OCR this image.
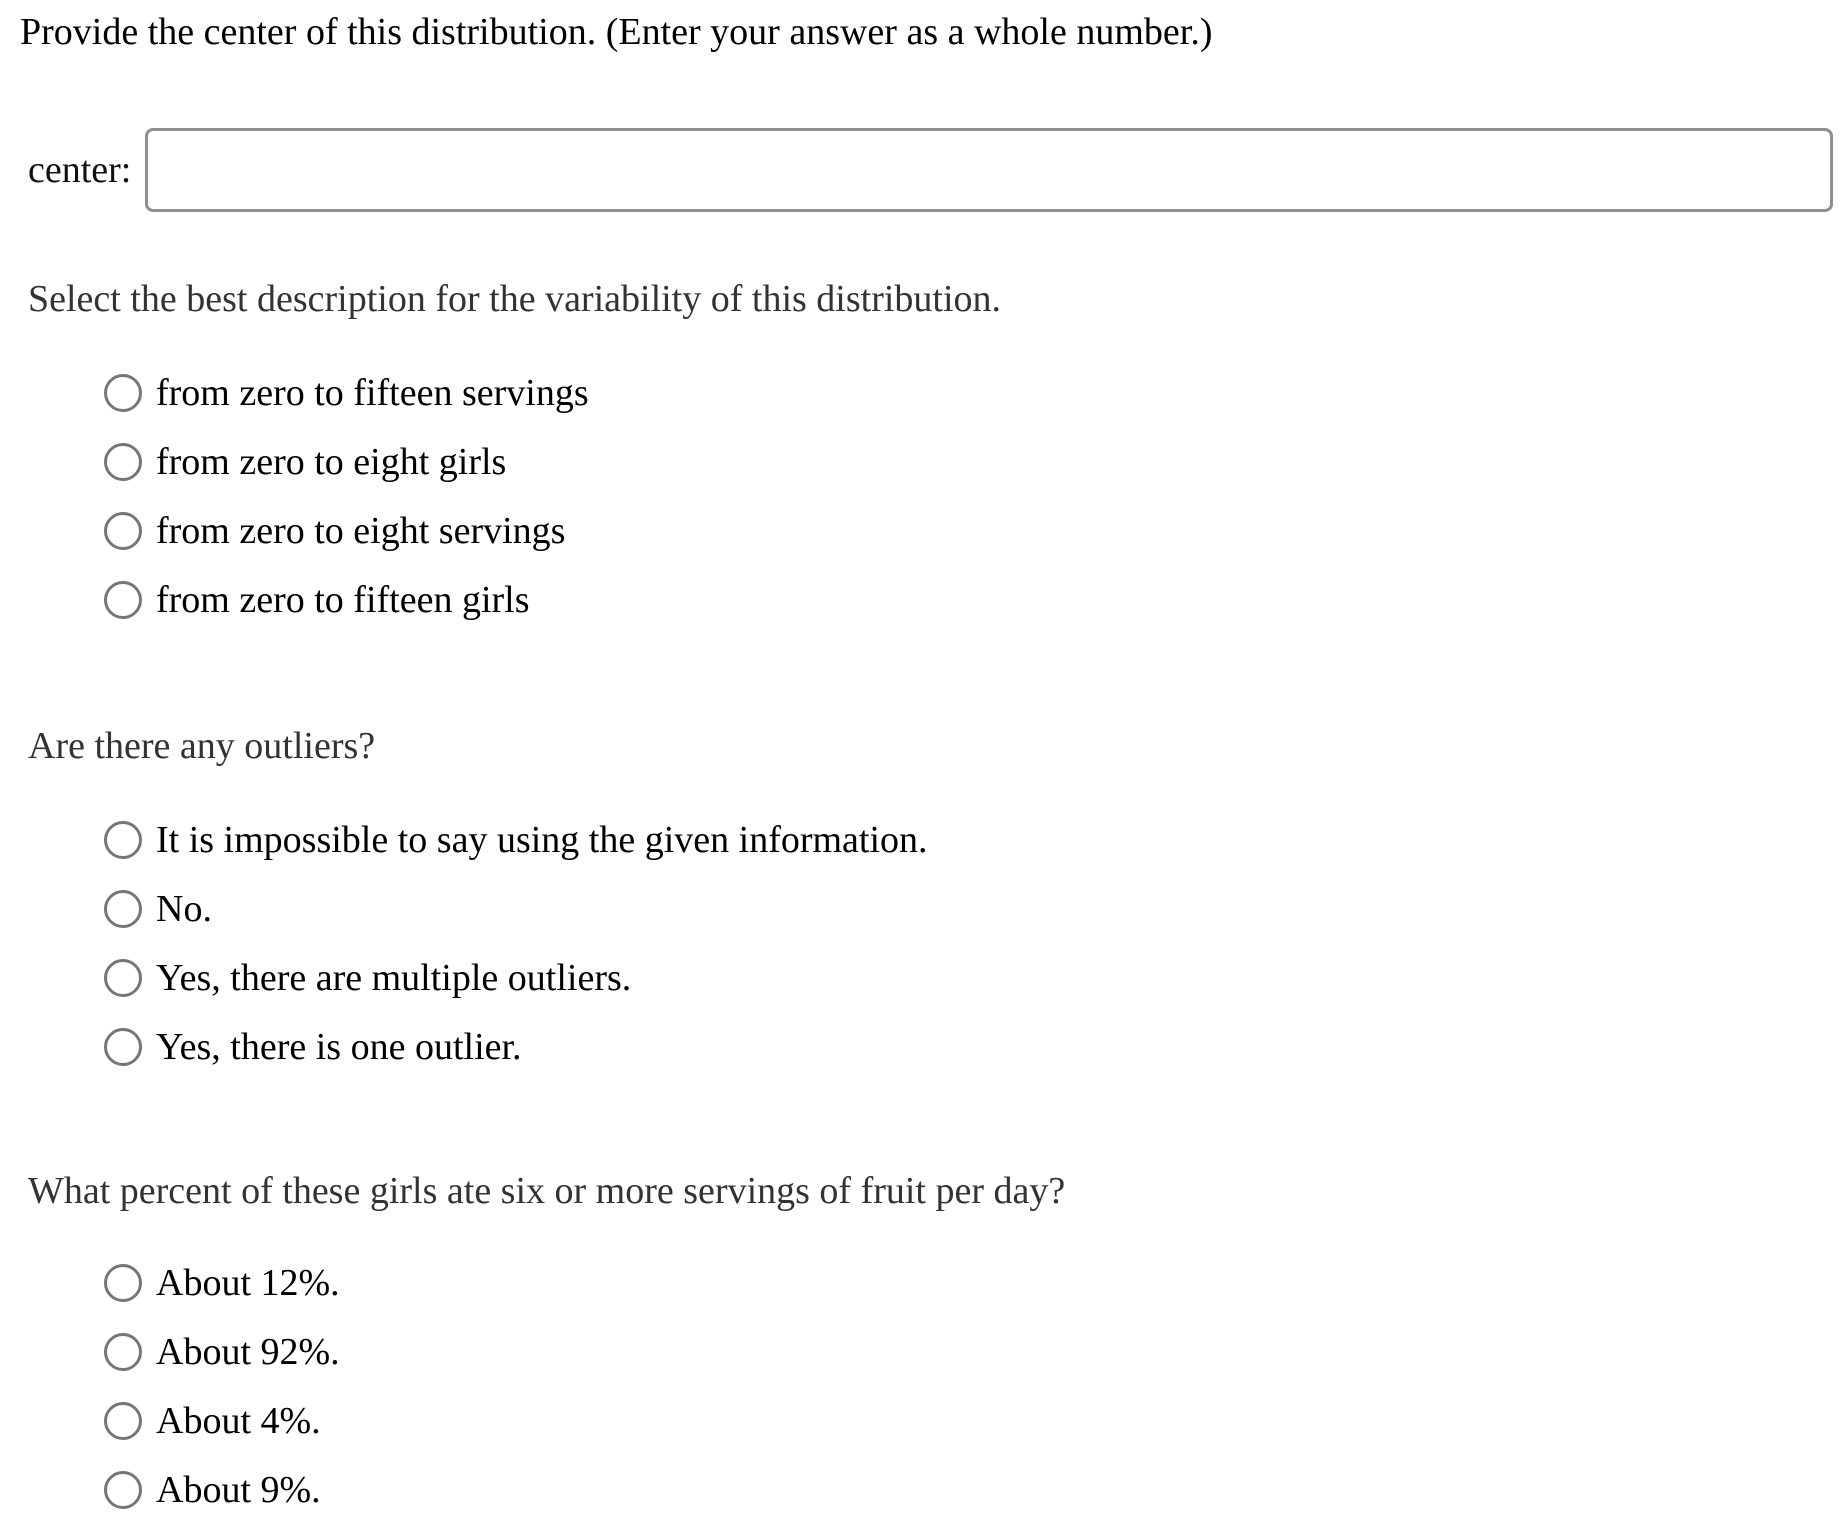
Provide the center of this distribution. (Enter your answer as a whole number.)
center:
Select the best description for the variability of this distribution.
from zero to fifteen servings
from zero to eight girls
from zero to eight servings
from zero to fifteen girls
Are there any outliers?
It is impossible to say using the given information.
No.
Yes, there are multiple outliers.
Yes, there is one outlier.
What percent of these girls ate six or more servings of fruit per day?
About 12%.
About 92%.
About 4%.
About 9%.
